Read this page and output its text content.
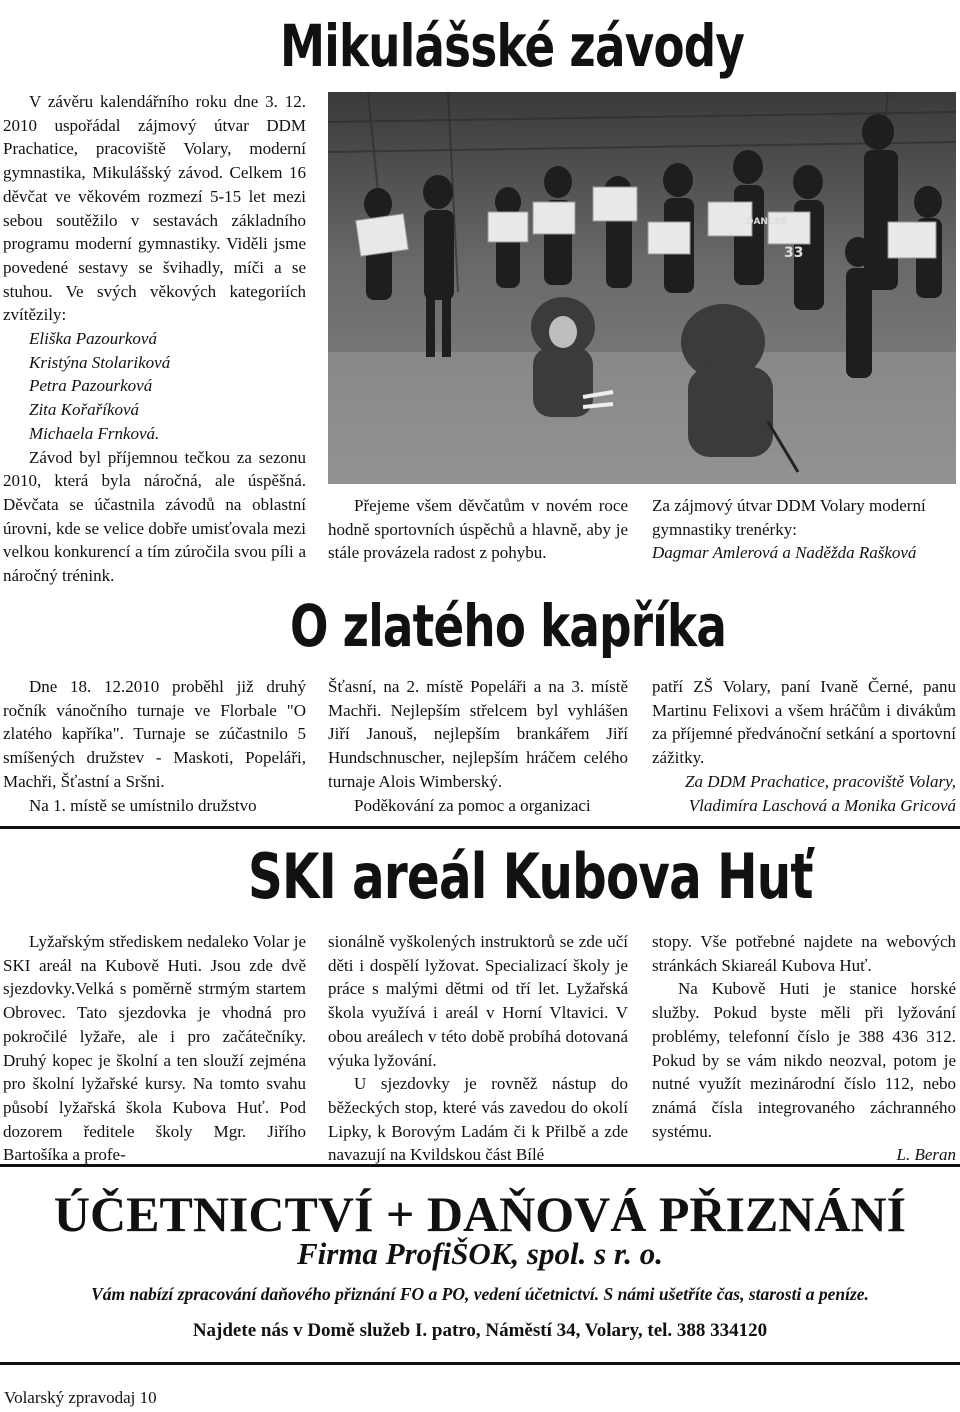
Mikulášské závody

V závěru kalendářního roku dne 3. 12. 2010 uspořádal zájmový útvar DDM Prachatice, pracoviště Volary, moderní gymnastika, Mikulášský závod. Celkem 16 děvčat ve věkovém rozmezí 5-15 let mezi sebou soutěžilo v sestavách základního programu moderní gymnastiky. Viděli jsme povedené sestavy se švihadly, míči a se stuhou. Ve svých věkových kategoriích zvítězily:

Eliška Pazourková
Kristýna Stolariková
Petra Pazourková
Zita Kořaříková
Michaela Frnková.

Závod byl příjemnou tečkou za sezonu 2010, která byla náročná, ale úspěšná. Děvčata se účastnila závodů na oblastní úrovni, kde se velice dobře umisťovala mezi velkou konkurencí a tím zúročila svou píli a náročný trénink.

33
DANCER

Přejeme všem děvčatům v novém roce hodně sportovních úspěchů a hlavně, aby je stále provázela radost z pohybu.

Za zájmový útvar DDM Volary moderní gymnastiky trenérky:

Dagmar Amlerová a Naděžda Rašková

O zlatého kapříka

Dne 18. 12.2010 proběhl již druhý ročník vánočního turnaje ve Florbale "O zlatého kapříka". Turnaje se zúčastnilo 5 smíšených družstev - Maskoti, Popeláři, Machři, Šťastní a Sršni.

Na 1. místě se umístnilo družstvo

Šťasní, na 2. místě Popeláři a na 3. místě Machři. Nejlepším střelcem byl vyhlášen Jiří Janouš, nejlepším brankářem Jiří Hundschnuscher, nejlepším hráčem celého turnaje Alois Wimberský.

Poděkování za pomoc a organizaci

patří ZŠ Volary, paní Ivaně Černé, panu Martinu Felixovi a všem hráčům i divákům za příjemné předvánoční setkání a sportovní zážitky.

Za DDM Prachatice, pracoviště Volary,

Vladimíra Laschová a Monika Gricová

SKI areál Kubova Huť

Lyžařským střediskem nedaleko Volar je SKI areál na Kubově Huti. Jsou zde dvě sjezdovky.Velká s poměrně strmým startem Obrovec. Tato sjezdovka je vhodná pro pokročilé lyžaře, ale i pro začátečníky. Druhý kopec je školní a ten slouží zejména pro školní lyžařské kursy. Na tomto svahu působí lyžařská škola Kubova Huť. Pod dozorem ředitele školy Mgr. Jiřího Bartošíka a profe-

sionálně vyškolených instruktorů se zde učí děti i dospělí lyžovat. Specializací školy je práce s malými dětmi od tří let. Lyžařská škola využívá i areál v Horní Vltavici. V obou areálech v této době probíhá dotovaná výuka lyžování.

U sjezdovky je rovněž nástup do běžeckých stop, které vás zavedou do okolí Lipky, k Borovým Ladám či k Přilbě a zde navazují na Kvildskou část Bílé

stopy. Vše potřebné najdete na webových stránkách Skiareál Kubova Huť.

Na Kubově Huti je stanice horské služby. Pokud byste měli při lyžování problémy, telefonní číslo je 388 436 312. Pokud by se vám nikdo neozval, potom je nutné využít mezinárodní číslo 112, nebo známá čísla integrovaného záchranného systému.

L. Beran

ÚČETNICTVÍ + DAŇOVÁ PŘIZNÁNÍ
Firma ProfiŠOK, spol. s r. o.
Vám nabízí zpracování daňového přiznání FO a PO, vedení účetnictví. S námi ušetříte čas, starosti a peníze.
Najdete nás v Domě služeb I. patro, Náměstí 34, Volary, tel. 388 334120
Volarský zpravodaj 10
